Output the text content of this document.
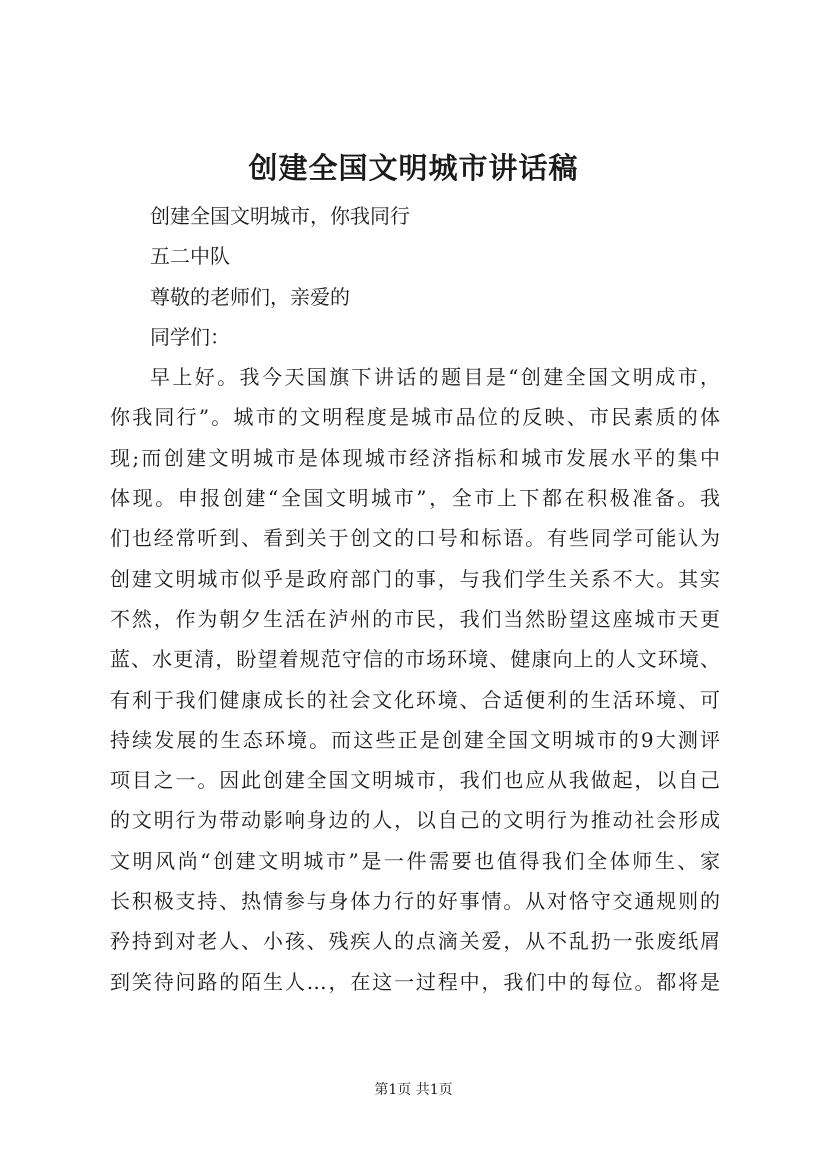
创建全国文明城市讲话稿
创建全国文明城市，你我同行
五二中队
尊敬的老师们，亲爱的
同学们：
早上好。我今天国旗下讲话的题目是“创建全国文明成市，
你我同行”。城市的文明程度是城市品位的反映、市民素质的体
现;而创建文明城市是体现城市经济指标和城市发展水平的集中
体现。申报创建“全国文明城市”，全市上下都在积极准备。我
们也经常听到、看到关于创文的口号和标语。有些同学可能认为
创建文明城市似乎是政府部门的事，与我们学生关系不大。其实
不然，作为朝夕生活在泸州的市民，我们当然盼望这座城市天更
蓝、水更清，盼望着规范守信的市场环境、健康向上的人文环境、
有利于我们健康成长的社会文化环境、合适便利的生活环境、可
持续发展的生态环境。而这些正是创建全国文明城市的9大测评
项目之一。因此创建全国文明城市，我们也应从我做起，以自己
的文明行为带动影响身边的人，以自己的文明行为推动社会形成
文明风尚“创建文明城市”是一件需要也值得我们全体师生、家
长积极支持、热情参与身体力行的好事情。从对恪守交通规则的
矜持到对老人、小孩、残疾人的点滴关爱，从不乱扔一张废纸屑
到笑待问路的陌生人…，在这一过程中，我们中的每位。都将是
第1页 共1页
